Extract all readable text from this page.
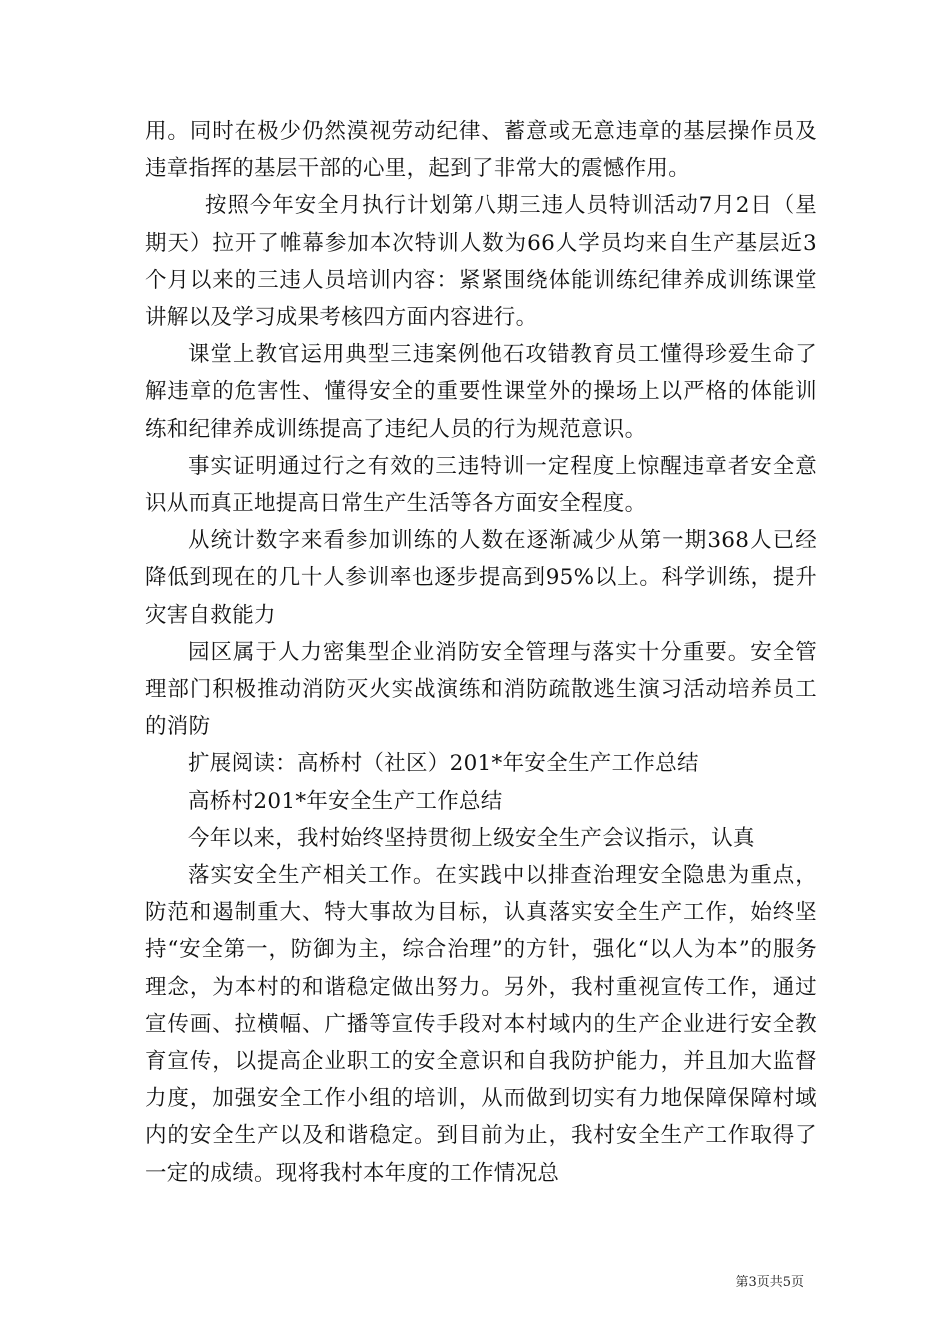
用。同时在极少仍然漠视劳动纪律、蓄意或无意违章的基层操作员及违章指挥的基层干部的心里，起到了非常大的震憾作用。

按照今年安全月执行计划第八期三违人员特训活动7月2日（星期天）拉开了帷幕参加本次特训人数为66人学员均来自生产基层近3个月以来的三违人员培训内容：紧紧围绕体能训练纪律养成训练课堂讲解以及学习成果考核四方面内容进行。

课堂上教官运用典型三违案例他石攻错教育员工懂得珍爱生命了解违章的危害性、懂得安全的重要性课堂外的操场上以严格的体能训练和纪律养成训练提高了违纪人员的行为规范意识。

事实证明通过行之有效的三违特训一定程度上惊醒违章者安全意识从而真正地提高日常生产生活等各方面安全程度。

从统计数字来看参加训练的人数在逐渐减少从第一期368人已经降低到现在的几十人参训率也逐步提高到95%以上。科学训练，提升灾害自救能力

园区属于人力密集型企业消防安全管理与落实十分重要。安全管理部门积极推动消防灭火实战演练和消防疏散逃生演习活动培养员工的消防

扩展阅读：高桥村（社区）201*年安全生产工作总结

高桥村201*年安全生产工作总结

今年以来，我村始终坚持贯彻上级安全生产会议指示，认真

落实安全生产相关工作。在实践中以排查治理安全隐患为重点，防范和遏制重大、特大事故为目标，认真落实安全生产工作，始终坚持“安全第一，防御为主，综合治理”的方针，强化“以人为本”的服务理念，为本村的和谐稳定做出努力。另外，我村重视宣传工作，通过宣传画、拉横幅、广播等宣传手段对本村域内的生产企业进行安全教育宣传，以提高企业职工的安全意识和自我防护能力，并且加大监督力度，加强安全工作小组的培训，从而做到切实有力地保障保障村域内的安全生产以及和谐稳定。到目前为止，我村安全生产工作取得了一定的成绩。现将我村本年度的工作情况总

第3页共5页
